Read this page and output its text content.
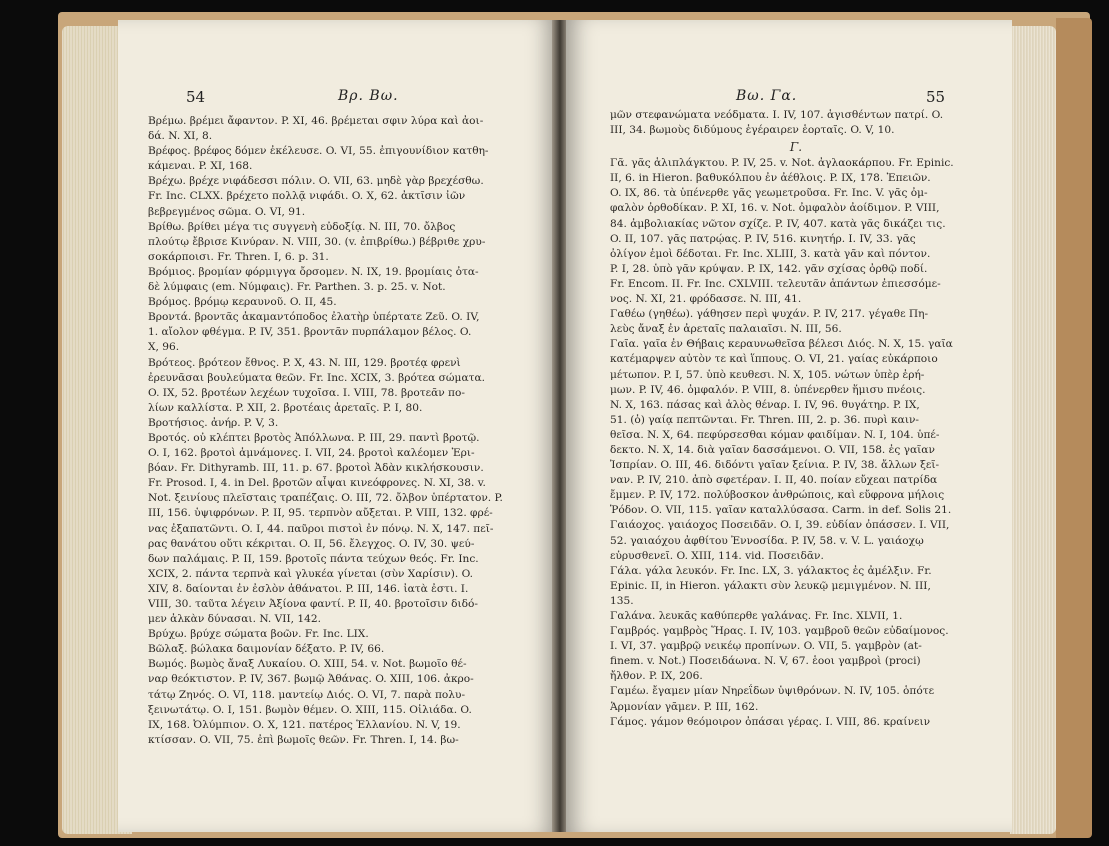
54	Βρ. Βω.
Βρέμω. βρέμει ἄφαντον. P. XI, 46. βρέμεται σφιν λύρα καὶ ἀοι-
δά. N. XI, 8.
Βρέφος. βρέφος δόμεν ἐκέλευσε. O. VI, 55. ἐπιγουνίδιον κατθη-
κάμεναι. P. XI, 168.
Βρέχω. βρέχε νιφάδεσσι πόλιν. O. VII, 63. μηδὲ γὰρ βρεχέσθω.
Fr. Inc. CLXX. βρέχετο πολλᾷ νιφάδι. O. X, 62. ἀκτῖσιν ἰῶν
βεβρεγμένος σῶμα. O. VI, 91.
Βρίθω. βρίθει μέγα τις συγγενὴ εὐδοξίᾳ. N. III, 70. ὄλβος
πλούτῳ ἔβρισε Κινύραν. N. VIII, 30. (v. ἐπιβρίθω.) βέβριθε χρυ-
σοκάρποισι. Fr. Thren. I, 6. p. 31.
Βρόμιος. βρομίαν φόρμιγγα ὄρσομεν. N. IX, 19. βρομίαις ὀτα-
δὲ λύμφαις (em. Νύμφαις). Fr. Parthen. 3. p. 25. v. Not.
Βρόμος. βρόμῳ κεραυνοῦ. O. II, 45.
Βροντά. βροντᾶς ἀκαμαντόποδος ἐλατὴρ ὑπέρτατε Ζεῦ. O. IV,
1. αἴολον φθέγμα. P. IV, 351. βροντᾶν πυρπάλαμον βέλος. O.
X, 96.
Βρότεος. βρότεον ἔθνος. P. X, 43. N. III, 129. βροτέᾳ φρενὶ
ἐρευνᾶσαι βουλεύματα θεῶν. Fr. Inc. XCIX, 3. βρότεα σώματα.
O. IX, 52. βροτέων λεχέων τυχοῖσα. I. VIII, 78. βροτεᾶν πο-
λίων καλλίστα. P. XII, 2. βροτέαις ἀρεταῖς. P. I, 80.
Βροτήσιος. ἀνήρ. P. V, 3.
Βροτός. οὐ κλέπτει βροτὸς Ἀπόλλωνα. P. III, 29. παντὶ βροτῷ.
O. I, 162. βροτοὶ ἁμνάμονες. I. VII, 24. βροτοὶ καλέομεν Ἐρι-
βόαν. Fr. Dithyramb. III, 11. p. 67. βροτοὶ Ἀδὰν κικλήσκουσιν.
Fr. Prosod. I, 4. in Del. βροτῶν αἶψαι κινεόφρονες. N. XI, 38. v.
Not. ξεινίους πλεῖσταις τραπέζαις. O. III, 72. ὄλβον ὑπέρτατον. P.
III, 156. ὑψιφρόνων. P. II, 95. τερπνὸν αὔξεται. P. VIII, 132. φρέ-
νας ἐξαπατῶντι. O. I, 44. παῦροι πιστοὶ ἐν πόνῳ. N. X, 147. πεῖ-
ρας θανάτου οὔτι κέκριται. O. II, 56. ἔλεγχος. O. IV, 30. ψεύ-
δων παλάμαις. P. II, 159. βροτοῖς πάντα τεύχων θεός. Fr. Inc.
XCIX, 2. πάντα τερπνὰ καὶ γλυκέα γίνεται (σὺν Χαρίσιν). O.
XIV, 8. δαίονται ἐν ἐσλὸν ἀθάνατοι. P. III, 146. ἰατὰ ἐστι. I.
VIII, 30. ταῦτα λέγειν Ἀξίονα φαντί. P. II, 40. βροτοῖσιν διδό-
μεν ἀλκὰν δύνασαι. N. VII, 142.
Βρύχω. βρύχε σώματα βοῶν. Fr. Inc. LIX.
Βῶλαξ. βώλακα δαιμονίαν δέξατο. P. IV, 66.
Βωμός. βωμὸς ἄναξ Λυκαίου. O. XIII, 54. v. Not. βωμοῖο θέ-
ναρ θεόκτιστον. P. IV, 367. βωμῷ Ἀθάνας. O. XIII, 106. ἀκρο-
τάτῳ Ζηνός. O. VI, 118. μαντείῳ Διός. O. VI, 7. παρὰ πολυ-
ξεινωτάτῳ. O. I, 151. βωμὸν θέμεν. O. XIII, 115. Οἰλιάδα. O.
IX, 168. Ὀλύμπιον. O. X, 121. πατέρος Ἑλλανίου. N. V, 19.
κτίσσαν. O. VII, 75. ἐπὶ βωμοῖς θεῶν. Fr. Thren. I, 14. βω-
Βω. Γα.	55
μῶν στεφανώματα νεόδματα. I. IV, 107. ἁγισθέντων πατρί. O.
III, 34. βωμοὺς διδύμους ἐγέραιρεν ἑορταῖς. O. V, 10.
Γ.
Γᾶ. γᾶς ἁλιπλάγκτου. P. IV, 25. v. Not. ἀγλαοκάρπου. Fr. Epinic.
II, 6. in Hieron. βαθυκόλπου ἐν ἀέθλοις. P. IX, 178. Ἐπειῶν.
O. IX, 86. τὰ ὑπένερθε γᾶς γεωμετροῦσα. Fr. Inc. V. γᾶς ὀμ-
φαλὸν ὀρθοδίκαν. P. XI, 16. v. Not. ὀμφαλὸν ἀοίδιμον. P. VIII,
84. ἀμβολιακίας νῶτον σχίζε. P. IV, 407. κατὰ γᾶς δικάζει τις.
O. II, 107. γᾶς πατρῴας. P. IV, 516. κινητήρ. I. IV, 33. γᾶς
ὀλίγον ἐμοὶ δέδοται. Fr. Inc. XLIII, 3. κατὰ γᾶν καὶ πόντον.
P. I, 28. ὑπὸ γᾶν κρύψαν. P. IX, 142. γᾶν σχίσας ὀρθῷ ποδί.
Fr. Encom. II. Fr. Inc. CXLVIII. τελευτᾶν ἁπάντων ἐπιεσσόμε-
νος. N. XI, 21. φρόδασσε. N. III, 41.
Γαθέω (γηθέω). γάθησεν περὶ ψυχάν. P. IV, 217. γέγαθε Πη-
λεὺς ἄναξ ἐν ἀρεταῖς παλαιαῖσι. N. III, 56.
Γαῖα. γαῖα ἐν Θήβαις κεραυνωθεῖσα βέλεσι Διός. N. X, 15. γαῖα
κατέμαρψεν αὐτὸν τε καὶ ἵππους. O. VI, 21. γαίας εὐκάρποιο
μέτωπον. P. I, 57. ὑπὸ κευθεσι. N. X, 105. νώτων ὑπὲρ ἐρή-
μων. P. IV, 46. ὀμφαλόν. P. VIII, 8. ὑπένερθεν ἥμισυ πνέοις.
N. X, 163. πάσας καὶ ἁλὸς θέναρ. I. IV, 96. θυγάτηρ. P. IX,
51. (ὁ) γαίᾳ πεπτῶνται. Fr. Thren. III, 2. p. 36. πυρὶ καιν-
θεῖσα. N. X, 64. πεφύρσεσθαι κόμαν φαιδίμαν. N. I, 104. ὑπέ-
δεκτο. N. X, 14. διὰ γαῖαν δασσάμενοι. O. VII, 158. ἐς γαῖαν
Ἰσπρίαν. O. III, 46. διδόντι γαῖαν ξείνια. P. IV, 38. ἄλλων ξεῖ-
ναν. P. IV, 210. ἀπὸ σφετέραν. I. II, 40. ποίαν εὔχεαι πατρίδα
ἔμμεν. P. IV, 172. πολύβοσκον ἀνθρώποις, καὶ εὔφρονα μήλοις
Ῥόδον. O. VII, 115. γαῖαν καταλλύσασα. Carm. in def. Solis 21.
Γαιάοχος. γαιάοχος Ποσειδᾶν. O. I, 39. εὐδίαν ὀπάσσεν. I. VII,
52. γαιαόχου ἀφθίτου Ἐννοσίδα. P. IV, 58. v. V. L. γαιάοχῳ
εὐρυσθενεῖ. O. XIII, 114. vid. Ποσειδᾶν.
Γάλα. γάλα λευκόν. Fr. Inc. LX, 3. γάλακτος ἐς ἀμέλξιν. Fr.
Epinic. II, in Hieron. γάλακτι σὺν λευκῷ μεμιγμένον. N. III,
135.
Γαλάνα. λευκᾶς καθύπερθε γαλάνας. Fr. Inc. XLVII, 1.
Γαμβρός. γαμβρὸς Ἥρας. I. IV, 103. γαμβροῦ θεῶν εὐδαίμονος.
I. VI, 37. γαμβρῷ νεικέῳ προπίνων. O. VII, 5. γαμβρὸν (at-
finem. v. Not.) Ποσειδάωνα. N. V, 67. ἑοοι γαμβροὶ (proci)
ἤλθον. P. IX, 206.
Γαμέω. ἔγαμεν μίαν Νηρεΐδων ὑψιθρόνων. N. IV, 105. ὁπότε
Ἁρμονίαν γᾶμεν. P. III, 162.
Γάμος. γάμον θεόμοιρον ὀπάσαι γέρας. I. VIII, 86. κραίνειν
